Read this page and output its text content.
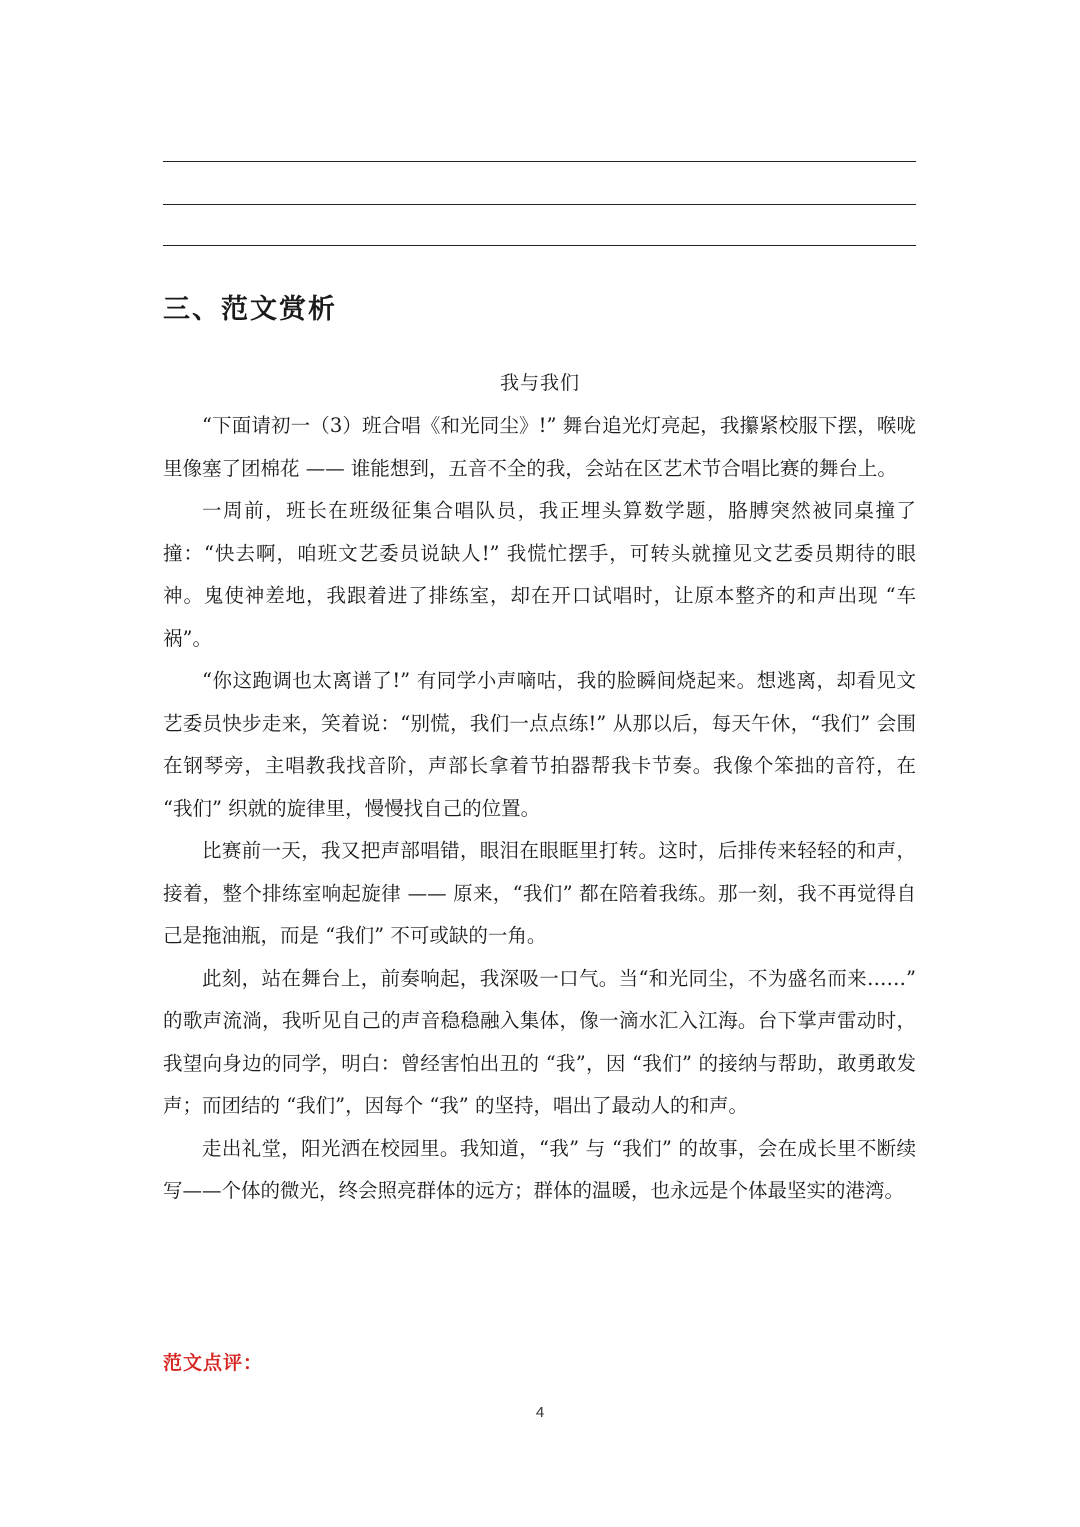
三、范文赏析
我与我们

“下面请初一（3）班合唱《和光同尘》!” 舞台追光灯亮起，我攥紧校服下摆，喉咙里像塞了团棉花 —— 谁能想到，五音不全的我，会站在区艺术节合唱比赛的舞台上。

一周前，班长在班级征集合唱队员，我正埋头算数学题，胳膊突然被同桌撞了撞：“快去啊，咱班文艺委员说缺人!” 我慌忙摆手，可转头就撞见文艺委员期待的眼神。鬼使神差地，我跟着进了排练室，却在开口试唱时，让原本整齐的和声出现 “车祸”。

“你这跑调也太离谱了!” 有同学小声嘀咕，我的脸瞬间烧起来。想逃离，却看见文艺委员快步走来，笑着说：“别慌，我们一点点练!” 从那以后，每天午休，“我们” 会围在钢琴旁，主唱教我找音阶，声部长拿着节拍器帮我卡节奏。我像个笨拙的音符，在 “我们” 织就的旋律里，慢慢找自己的位置。

比赛前一天，我又把声部唱错，眼泪在眼眶里打转。这时，后排传来轻轻的和声，接着，整个排练室响起旋律 —— 原来，“我们” 都在陪着我练。那一刻，我不再觉得自己是拖油瓶，而是 “我们” 不可或缺的一角。

此刻，站在舞台上，前奏响起，我深吸一口气。当“和光同尘，不为盛名而来……” 的歌声流淌，我听见自己的声音稳稳融入集体，像一滴水汇入江海。台下掌声雷动时，我望向身边的同学，明白：曾经害怕出丑的 “我”，因 “我们” 的接纳与帮助，敢勇敢发声；而团结的 “我们”，因每个 “我” 的坚持，唱出了最动人的和声。

走出礼堂，阳光洒在校园里。我知道，“我” 与 “我们” 的故事，会在成长里不断续写——个体的微光，终会照亮群体的远方；群体的温暖，也永远是个体最坚实的港湾。

范文点评：
4
